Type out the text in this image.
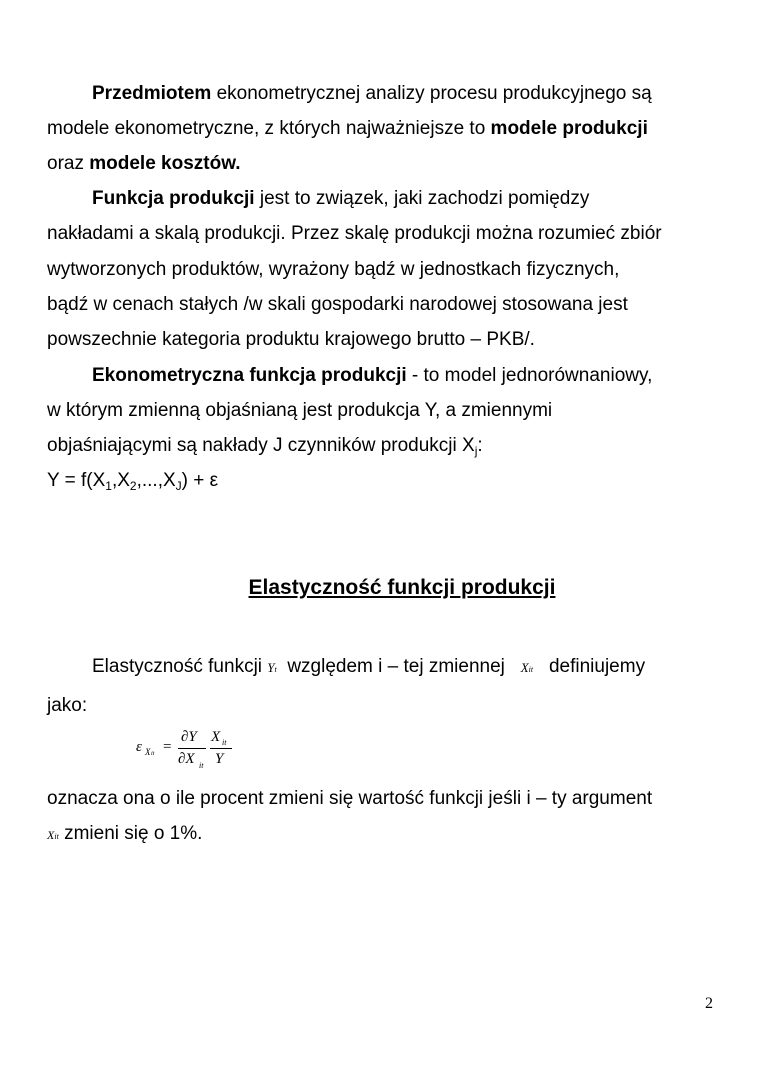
Przedmiotem ekonometrycznej analizy procesu produkcyjnego są
modele ekonometryczne, z których najważniejsze to modele produkcji
oraz modele kosztów.
Funkcja produkcji jest to związek, jaki zachodzi pomiędzy
nakładami a skalą produkcji. Przez skalę produkcji można rozumieć zbiór
wytworzonych produktów, wyrażony bądź w jednostkach fizycznych,
bądź w cenach stałych /w skali gospodarki narodowej stosowana jest
powszechnie kategoria produktu krajowego brutto – PKB/.
Ekonometryczna funkcja produkcji - to model jednorównaniowy,
w którym zmienną objaśnianą jest produkcja Y, a zmiennymi
objaśniającymi są nakłady J czynników produkcji $X_j$:
$Y = f(X_1,X_2,...,X_J) + \varepsilon$
Elastyczność funkcji produkcji
Elastyczność funkcji Yt względem i – tej zmiennej Xit definiujemy
jako:
ε X it =
∂Y
∂X it
X it
Y
oznacza ona o ile procent zmieni się wartość funkcji jeśli i – ty argument
Xit zmieni się o 1%.
2
